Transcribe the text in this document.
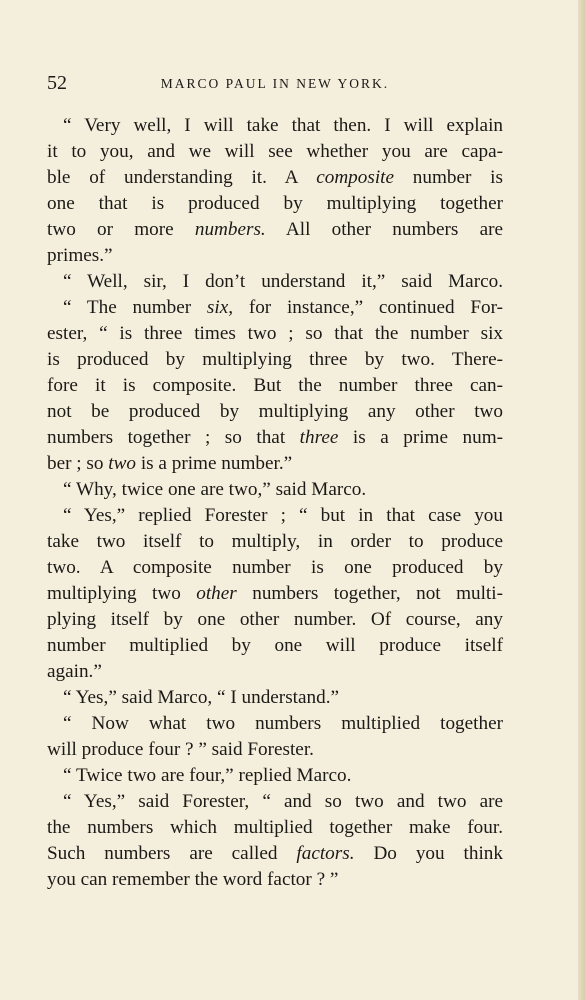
52	MARCO PAUL IN NEW YORK.
“ Very well, I will take that then. I will explain
it to you, and we will see whether you are capa-
ble of understanding it. A composite number is
one that is produced by multiplying together
two or more numbers. All other numbers are
primes.”
“ Well, sir, I don’t understand it,” said Marco.
“ The number six, for instance,” continued For-
ester, “ is three times two ; so that the number six
is produced by multiplying three by two. There-
fore it is composite. But the number three can-
not be produced by multiplying any other two
numbers together ; so that three is a prime num-
ber ; so two is a prime number.”
“ Why, twice one are two,” said Marco.
“ Yes,” replied Forester ; “ but in that case you
take two itself to multiply, in order to produce
two. A composite number is one produced by
multiplying two other numbers together, not multi-
plying itself by one other number. Of course, any
number multiplied by one will produce itself
again.”
“ Yes,” said Marco, “ I understand.”
“ Now what two numbers multiplied together
will produce four ? ” said Forester.
“ Twice two are four,” replied Marco.
“ Yes,” said Forester, “ and so two and two are
the numbers which multiplied together make four.
Such numbers are called factors. Do you think
you can remember the word factor ? ”
